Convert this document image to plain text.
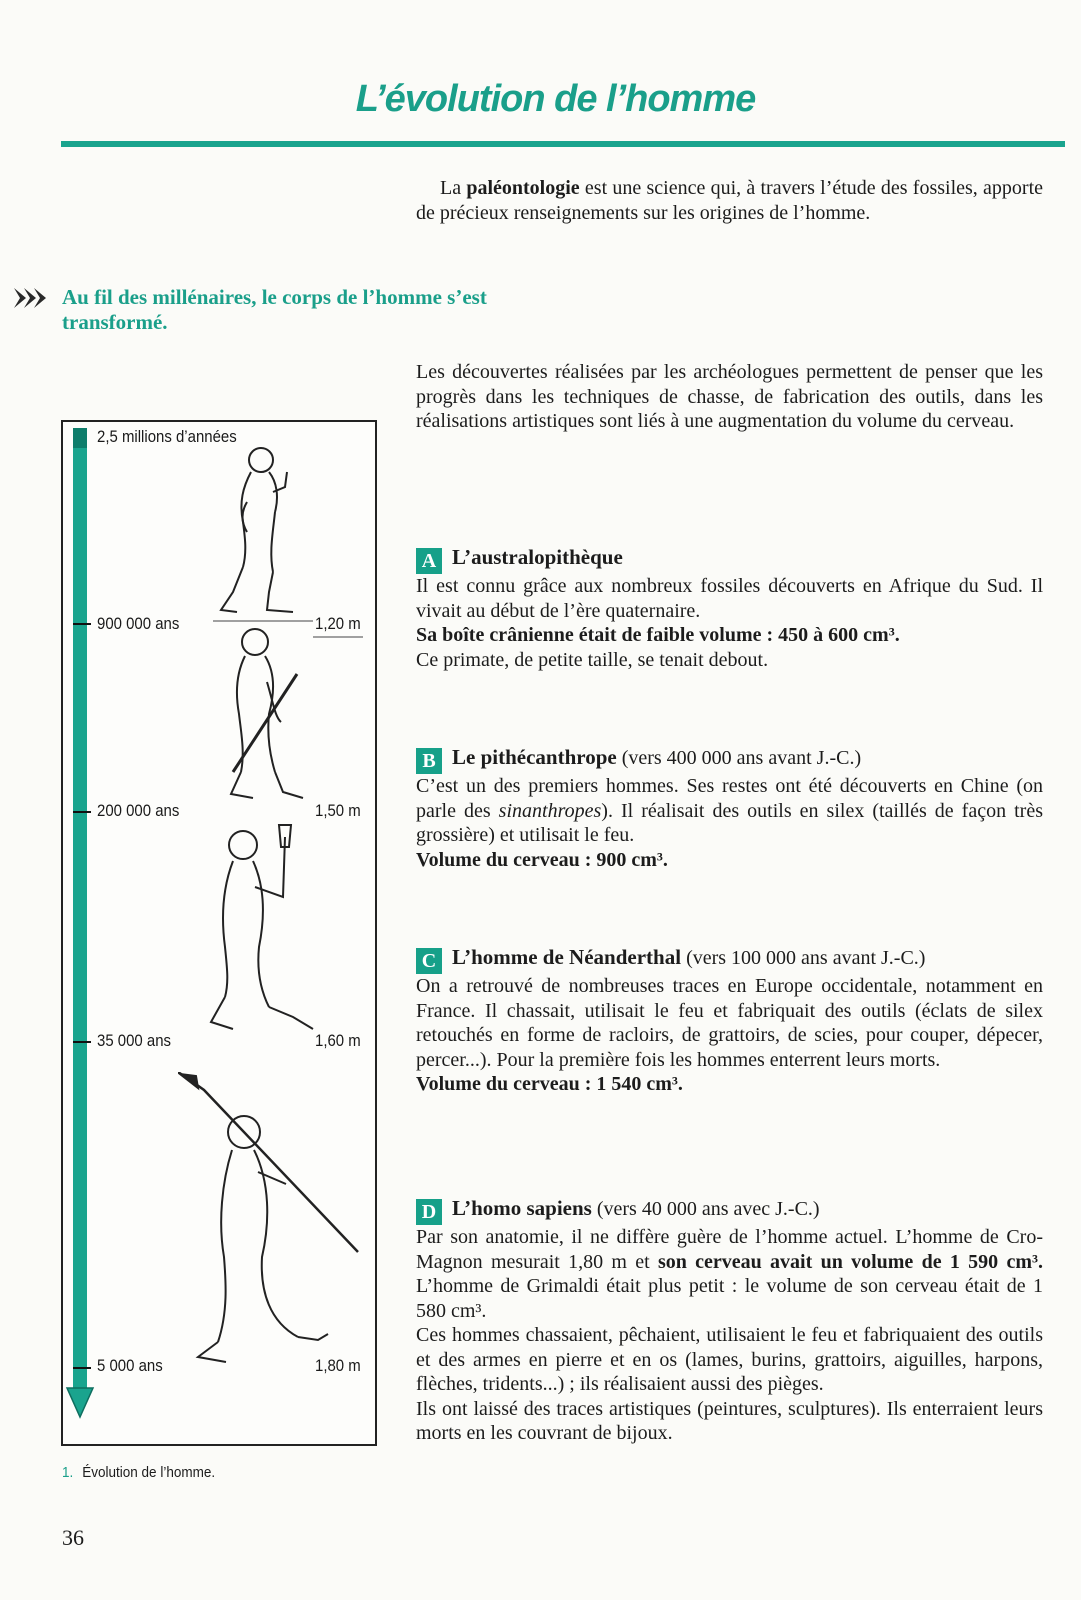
L’évolution de l’homme

La paléontologie est une science qui, à travers l’étude des fossiles, apporte de précieux renseignements sur les origines de l’homme.

Au fil des millénaires, le corps de l’homme s’est transformé.

Les découvertes réalisées par les archéologues permettent de penser que les progrès dans les techniques de chasse, de fabrication des outils, dans les réalisations artistiques sont liés à une augmentation du volume du cerveau.

A L’australopithèque

Il est connu grâce aux nombreux fossiles découverts en Afrique du Sud. Il vivait au début de l’ère quaternaire.

Sa boîte crânienne était de faible volume : 450 à 600 cm³.

Ce primate, de petite taille, se tenait debout.

B Le pithécanthrope (vers 400 000 ans avant J.-C.)

C’est un des premiers hommes. Ses restes ont été découverts en Chine (on parle des sinanthropes). Il réalisait des outils en silex (taillés de façon très grossière) et utilisait le feu.

Volume du cerveau : 900 cm³.

C L’homme de Néanderthal (vers 100 000 ans avant J.-C.)

On a retrouvé de nombreuses traces en Europe occidentale, notamment en France. Il chassait, utilisait le feu et fabriquait des outils (éclats de silex retouchés en forme de racloirs, de grattoirs, de scies, pour couper, dépecer, percer...). Pour la première fois les hommes enterrent leurs morts.

Volume du cerveau : 1 540 cm³.

D L’homo sapiens (vers 40 000 ans avec J.-C.)

Par son anatomie, il ne diffère guère de l’homme actuel. L’homme de Cro-Magnon mesurait 1,80 m et son cerveau avait un volume de 1 590 cm³. L’homme de Grimaldi était plus petit : le volume de son cerveau était de 1 580 cm³.

Ces hommes chassaient, pêchaient, utilisaient le feu et fabriquaient des outils et des armes en pierre et en os (lames, burins, grattoirs, aiguilles, harpons, flèches, tridents...) ; ils réalisaient aussi des pièges.

Ils ont laissé des traces artistiques (peintures, sculptures). Ils enterraient leurs morts en les couvrant de bijoux.

2,5 millions d’années
900 000 ans
200 000 ans
35 000 ans
5 000 ans
1,20 m
1,50 m
1,60 m
1,80 m
1. Évolution de l’homme.
36
